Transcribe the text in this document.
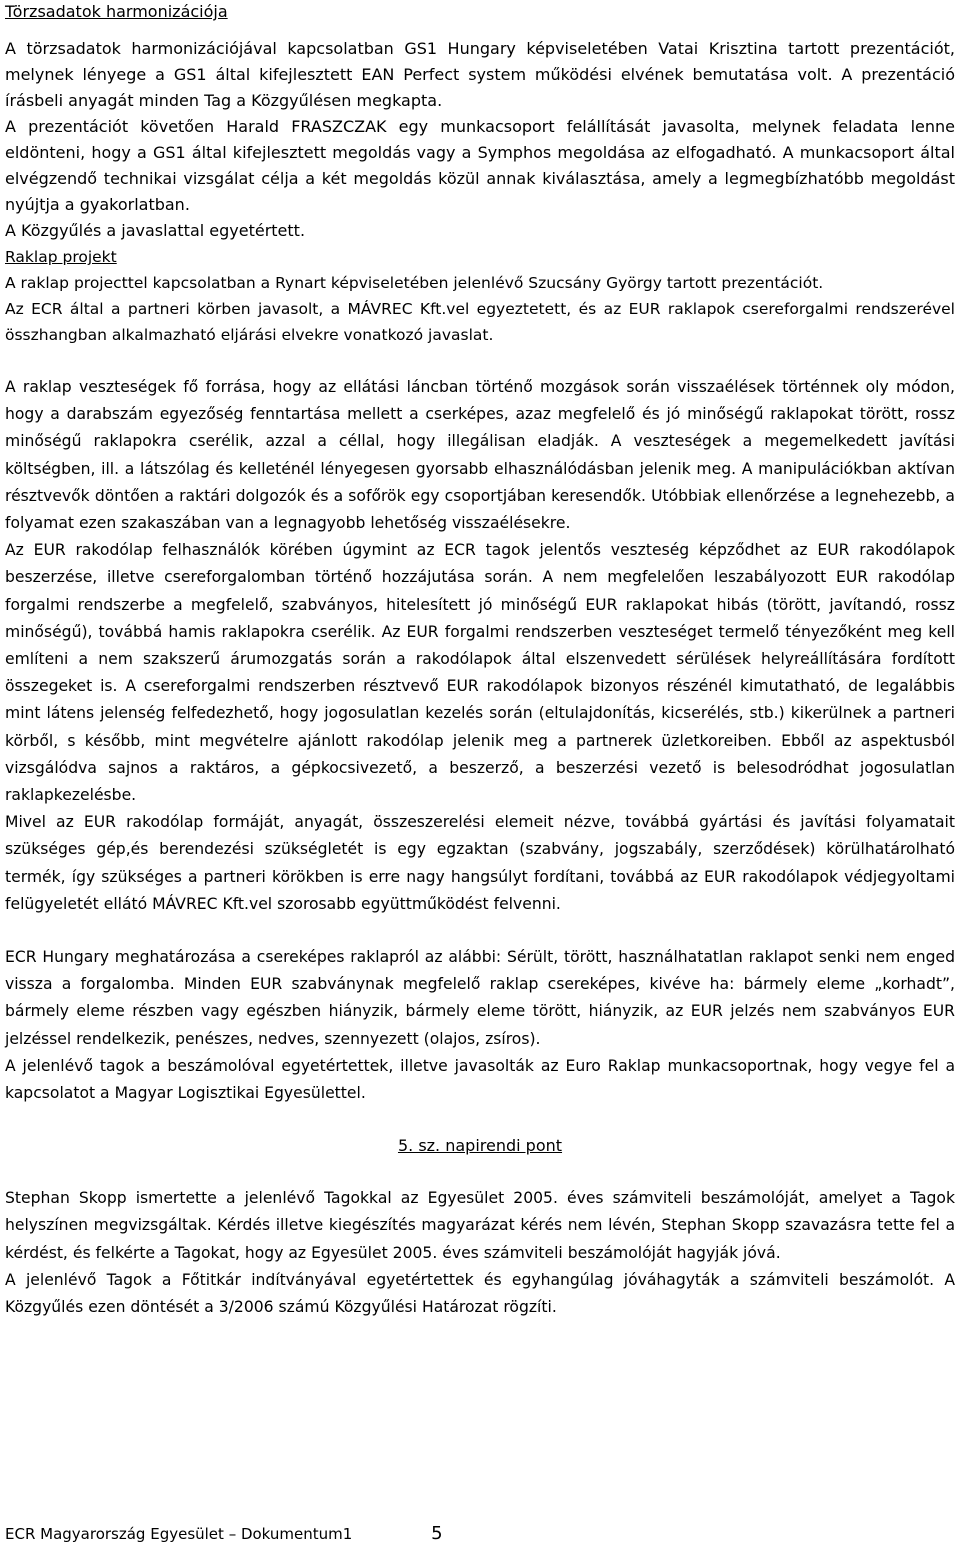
Törzsadatok harmonizációja

A törzsadatok harmonizációjával kapcsolatban GS1 Hungary képviseletében Vatai Krisztina tartott prezentációt, melynek lényege a GS1 által kifejlesztett EAN Perfect system működési elvének bemutatása volt. A prezentáció írásbeli anyagát minden Tag a Közgyűlésen megkapta.

A prezentációt követően Harald FRASZCZAK egy munkacsoport felállítását javasolta, melynek feladata lenne eldönteni, hogy a GS1 által kifejlesztett megoldás vagy a Symphos megoldása az elfogadható. A munkacsoport által elvégzendő technikai vizsgálat célja a két megoldás közül annak kiválasztása, amely a legmegbízhatóbb megoldást nyújtja a gyakorlatban.

A Közgyűlés a javaslattal egyetértett.

Raklap projekt

A raklap projecttel kapcsolatban a Rynart képviseletében jelenlévő Szucsány György tartott prezentációt.

Az ECR által a partneri körben javasolt, a MÁVREC Kft.vel egyeztetett, és az EUR raklapok csereforgalmi rendszerével összhangban alkalmazható eljárási elvekre vonatkozó javaslat.

A raklap veszteségek fő forrása, hogy az ellátási láncban történő mozgások során visszaélések történnek oly módon, hogy a darabszám egyezőség fenntartása mellett a cserképes, azaz megfelelő és jó minőségű raklapokat törött, rossz minőségű raklapokra cserélik, azzal a céllal, hogy illegálisan eladják. A veszteségek a megemelkedett javítási költségben, ill. a látszólag és kelleténél lényegesen gyorsabb elhasználódásban jelenik meg. A manipulációkban aktívan résztvevők döntően a raktári dolgozók és a sofőrök egy csoportjában keresendők. Utóbbiak ellenőrzése a legnehezebb, a folyamat ezen szakaszában van a legnagyobb lehetőség visszaélésekre.

Az EUR rakodólap felhasználók körében úgymint az ECR tagok jelentős veszteség képződhet az EUR rakodólapok beszerzése, illetve csereforgalomban történő hozzájutása során. A nem megfelelően leszabályozott EUR rakodólap forgalmi rendszerbe a megfelelő, szabványos, hitelesített jó minőségű EUR raklapokat hibás (törött, javítandó, rossz minőségű), továbbá hamis raklapokra cserélik. Az EUR forgalmi rendszerben veszteséget termelő tényezőként meg kell említeni a nem szakszerű árumozgatás során a rakodólapok által elszenvedett sérülések helyreállítására fordított összegeket is. A csereforgalmi rendszerben résztvevő EUR rakodólapok bizonyos részénél kimutatható, de legalábbis mint látens jelenség felfedezhető, hogy jogosulatlan kezelés során (eltulajdonítás, kicserélés, stb.) kikerülnek a partneri körből, s később, mint megvételre ajánlott rakodólap jelenik meg a partnerek üzletkoreiben. Ebből az aspektusból vizsgálódva sajnos a raktáros, a gépkocsivezető, a beszerző, a beszerzési vezető is belesodródhat jogosulatlan raklapkezelésbe.

Mivel az EUR rakodólap formáját, anyagát, összeszerelési elemeit nézve, továbbá gyártási és javítási folyamatait szükséges gép,és berendezési szükségletét is egy egzaktan (szabvány, jogszabály, szerződések) körülhatárolható termék, így szükséges a partneri körökben is erre nagy hangsúlyt fordítani, továbbá az EUR rakodólapok védjegyoltami felügyeletét ellátó MÁVREC Kft.vel szorosabb együttműködést felvenni.

ECR Hungary meghatározása a csereképes raklapról az alábbi: Sérült, törött, használhatatlan raklapot senki nem enged vissza a forgalomba. Minden EUR szabványnak megfelelő raklap csereképes, kivéve ha: bármely eleme „korhadt”, bármely eleme részben vagy egészben hiányzik, bármely eleme törött, hiányzik, az EUR jelzés nem szabványos EUR jelzéssel rendelkezik, penészes, nedves, szennyezett (olajos, zsíros).

A jelenlévő tagok a beszámolóval egyetértettek, illetve javasolták az Euro Raklap munkacsoportnak, hogy vegye fel a kapcsolatot a Magyar Logisztikai Egyesülettel.

5. sz. napirendi pont

Stephan Skopp ismertette a jelenlévő Tagokkal az Egyesület 2005. éves számviteli beszámolóját, amelyet a Tagok helyszínen megvizsgáltak. Kérdés illetve kiegészítés magyarázat kérés nem lévén, Stephan Skopp szavazásra tette fel a kérdést, és felkérte a Tagokat, hogy az Egyesület 2005. éves számviteli beszámolóját hagyják jóvá.

A jelenlévő Tagok a Főtitkár indítványával egyetértettek és egyhangúlag jóváhagyták a számviteli beszámolót. A Közgyűlés ezen döntését a 3/2006 számú Közgyűlési Határozat rögzíti.

ECR Magyarország Egyesület – Dokumentum1	5
